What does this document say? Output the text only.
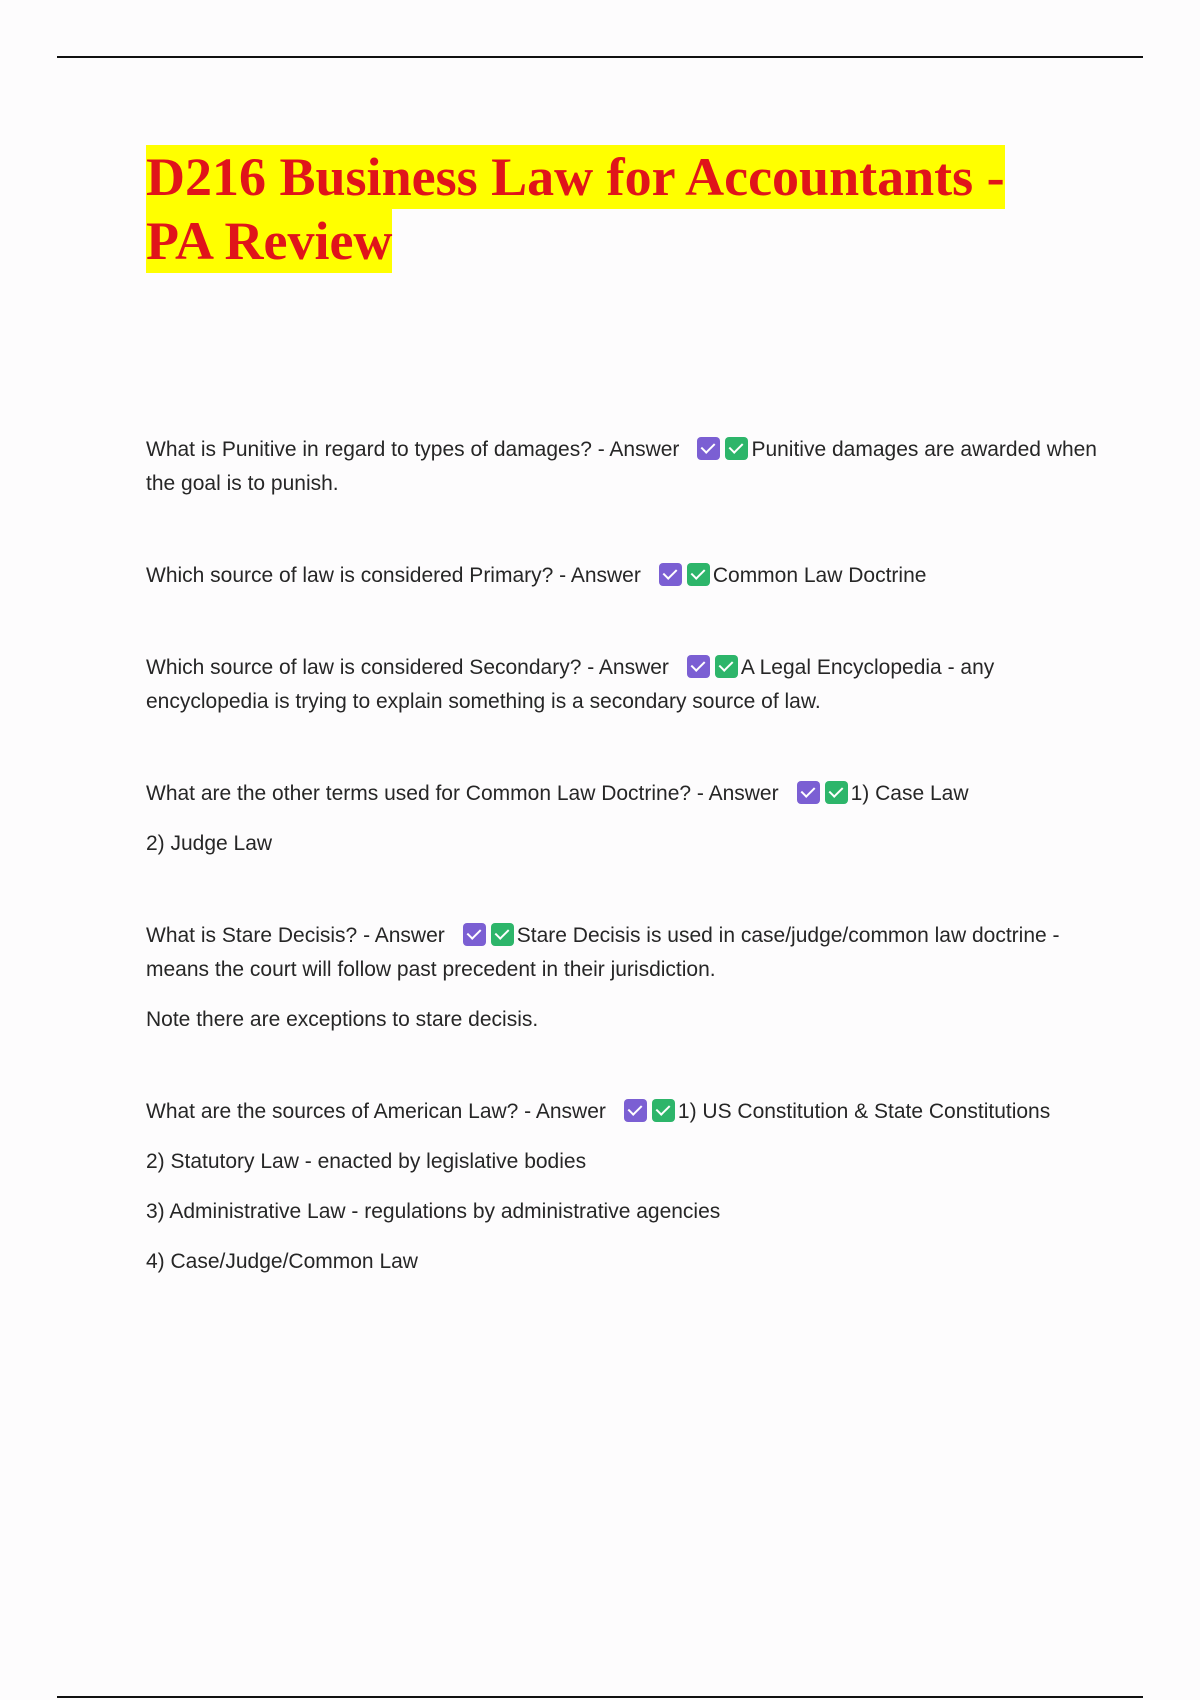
D216 Business Law for Accountants -
PA Review

What is Punitive in regard to types of damages? - Answer	Punitive damages are awarded when the goal is to punish.

Which source of law is considered Primary? - Answer	Common Law Doctrine

Which source of law is considered Secondary? - Answer	A Legal Encyclopedia - any encyclopedia is trying to explain something is a secondary source of law.

What are the other terms used for Common Law Doctrine? - Answer	1) Case Law

2) Judge Law

What is Stare Decisis? - Answer	Stare Decisis is used in case/judge/common law doctrine - means the court will follow past precedent in their jurisdiction.

Note there are exceptions to stare decisis.

What are the sources of American Law? - Answer	1) US Constitution & State Constitutions

2) Statutory Law - enacted by legislative bodies

3) Administrative Law - regulations by administrative agencies

4) Case/Judge/Common Law
